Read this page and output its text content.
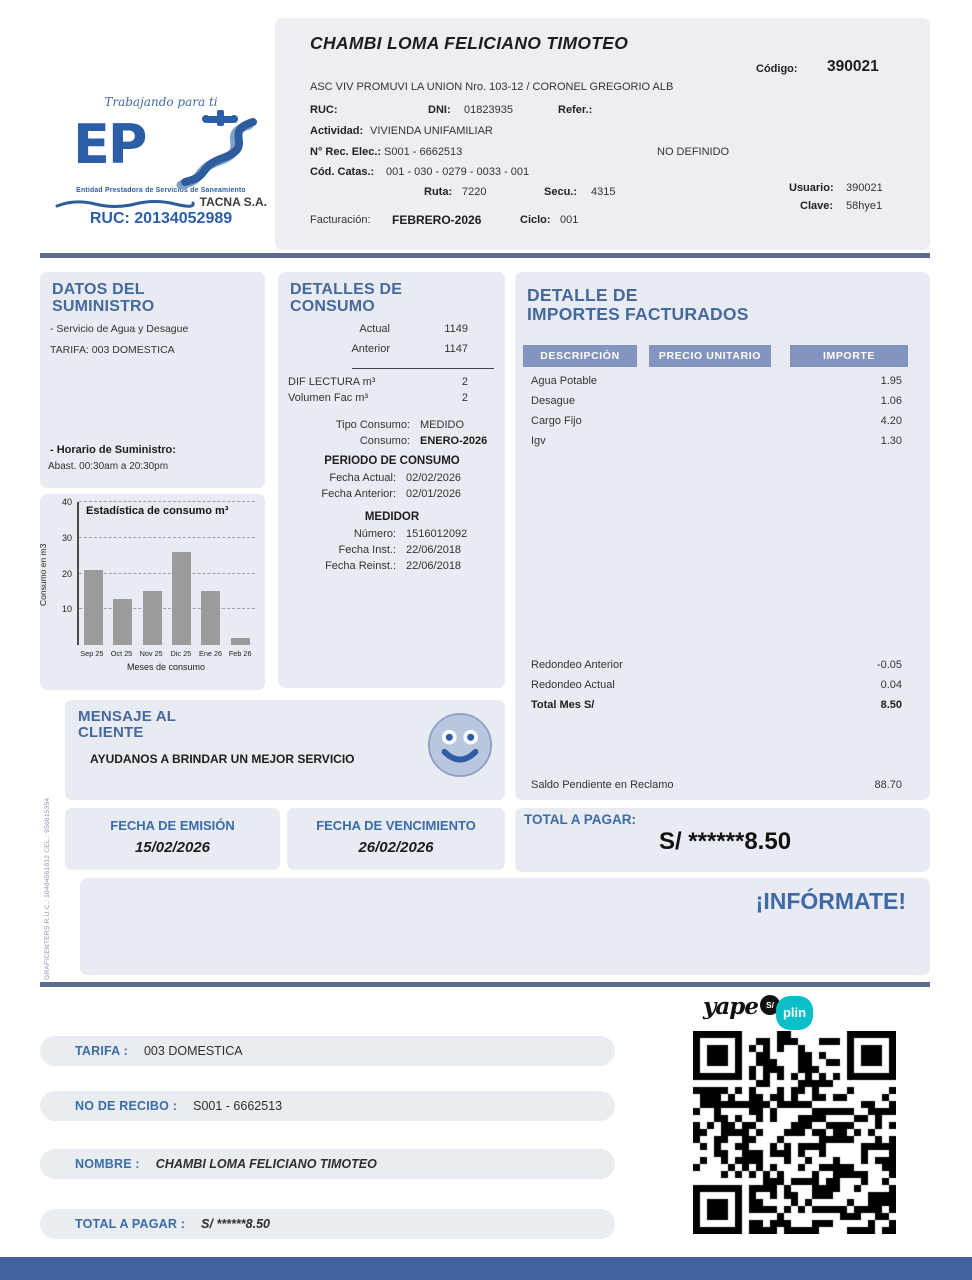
Trabajando para ti
EP
Entidad Prestadora de Servicios de Saneamiento
TACNA S.A.
RUC: 20134052989
CHAMBI LOMA FELICIANO TIMOTEO
Código: 390021
ASC VIV PROMUVI LA UNION Nro. 103-12 / CORONEL GREGORIO ALB
RUC:	DNI: 01823935	Refer.:
Actividad: VIVIENDA UNIFAMILIAR
N° Rec. Elec.: S001 - 6662513	NO DEFINIDO
Cód. Catas.: 001 - 030 - 0279 - 0033 - 001
Ruta: 7220	Secu.: 4315	Usuario: 390021
Clave: 58hye1
Facturación: FEBRERO-2026	Ciclo: 001
DATOS DEL
SUMINISTRO
- Servicio de Agua y Desague
TARIFA: 003 DOMESTICA
- Horario de Suministro:
Abast. 00:30am a 20:30pm
Estadística de consumo m³
Consumo en m3
10
20
30
40
Sep 25	Oct 25	Nov 25	Dic 25	Ene 26 Feb 26
Meses de consumo
DETALLES DE
CONSUMO
Actual	1149
Anterior	1147
DIF LECTURA m³	2
Volumen Fac m³	2
Tipo Consumo: MEDIDO
Consumo: ENERO-2026
PERIODO DE CONSUMO
Fecha Actual: 02/02/2026
Fecha Anterior: 02/01/2026
MEDIDOR
Número: 1516012092
Fecha Inst.: 22/06/2018
Fecha Reinst.: 22/06/2018
DETALLE DE
IMPORTES FACTURADOS
DESCRIPCIÓN	PRECIO UNITARIO	IMPORTE
Agua Potable	1.95
Desague	1.06
Cargo Fijo	4.20
Igv	1.30
Redondeo Anterior	-0.05
Redondeo Actual	0.04
Total Mes S/	8.50
Saldo Pendiente en Reclamo	88.70
MENSAJE AL
CLIENTE
AYUDANOS A BRINDAR UN MEJOR SERVICIO
FECHA DE EMISIÓN
15/02/2026
FECHA DE VENCIMIENTO
26/02/2026
TOTAL A PAGAR:
S/ ******8.50
¡INFÓRMATE!
GRAFICENTERS R.U.C.: 10404561812 CEL.: 956615354
yape S/ plin
TARIFA : 003 DOMESTICA
NO DE RECIBO : S001 - 6662513
NOMBRE : CHAMBI LOMA FELICIANO TIMOTEO
TOTAL A PAGAR : S/ ******8.50
